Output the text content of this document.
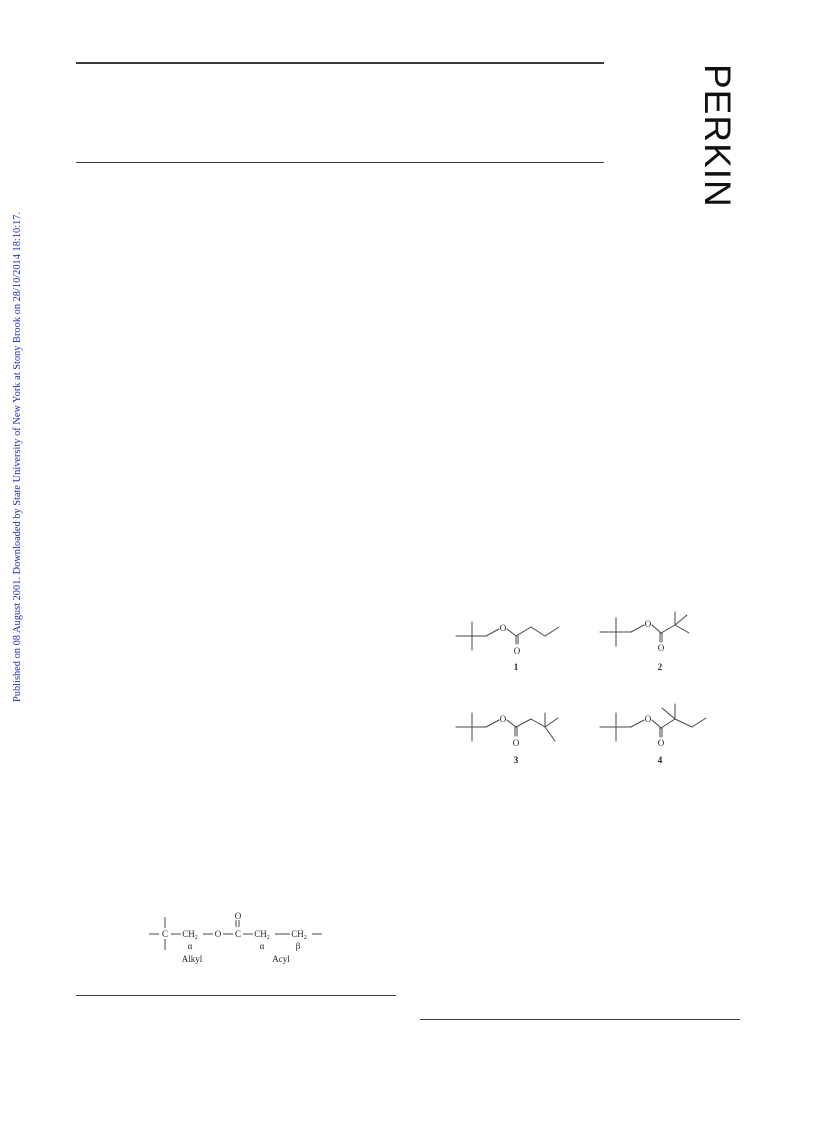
Published on 08 August 2001. Downloaded by State University of New York at Stony Brook on 28/10/2014 18:10:17.
PERKIN
O
O
O
O
O
O
O
O
1	2
3	4
C $CH_2$ O C
O
$CH_2$ $CH_2$
α	α	β
Alkyl	Acyl
